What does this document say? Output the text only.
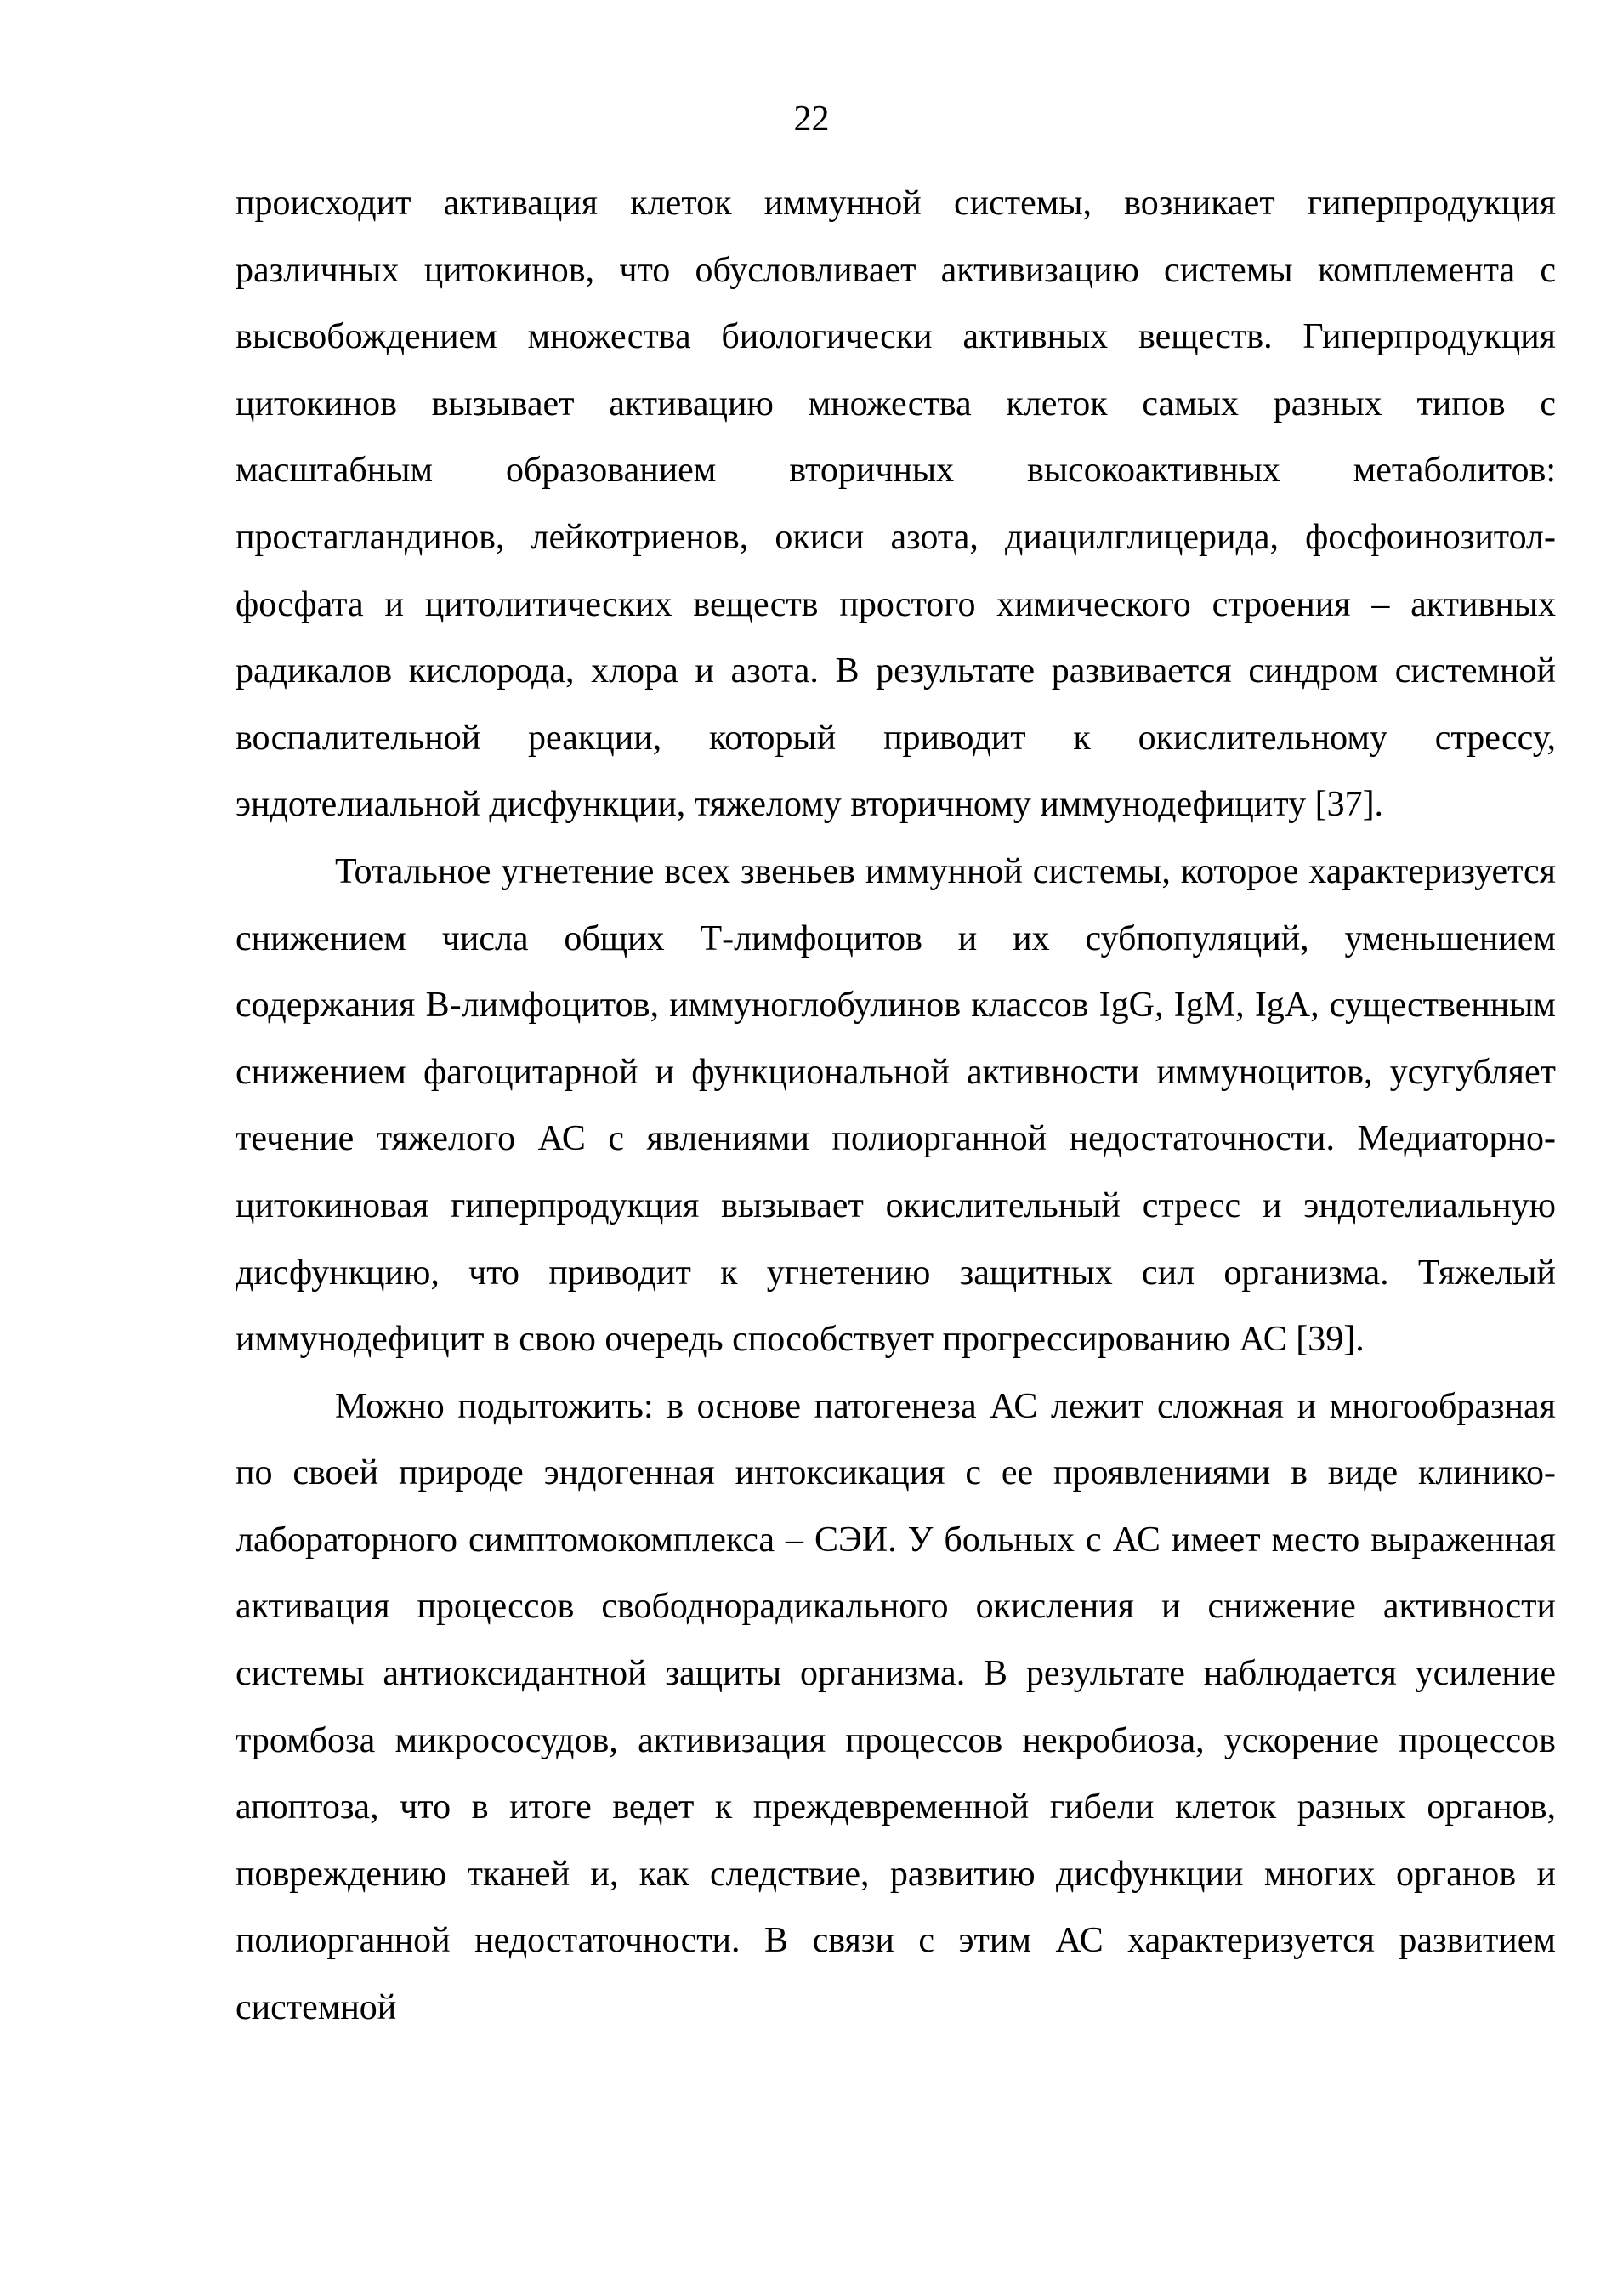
22

происходит активация клеток иммунной системы, возникает гиперпродукция различных цитокинов, что обусловливает активизацию системы комплемента с высвобождением множества биологически активных веществ. Гиперпродукция цитокинов вызывает активацию множества клеток самых разных типов с масштабным образованием вторичных высокоактивных метаболитов: простагландинов, лейкотриенов, окиси азота, диацилглицерида, фосфоинозитол-фосфата и цитолитических веществ простого химического строения – активных радикалов кислорода, хлора и азота. В результате развивается синдром системной воспалительной реакции, который приводит к окислительному стрессу, эндотелиальной дисфункции, тяжелому вторичному иммунодефициту [37].

Тотальное угнетение всех звеньев иммунной системы, которое характеризуется снижением числа общих Т-лимфоцитов и их субпопуляций, уменьшением содержания В-лимфоцитов, иммуноглобулинов классов IgG, IgM, IgA, существенным снижением фагоцитарной и функциональной активности иммуноцитов, усугубляет течение тяжелого АС с явлениями полиорганной недостаточности. Медиаторно-цитокиновая гиперпродукция вызывает окислительный стресс и эндотелиальную дисфункцию, что приводит к угнетению защитных сил организма. Тяжелый иммунодефицит в свою очередь способствует прогрессированию АС [39].

Можно подытожить: в основе патогенеза АС лежит сложная и многообразная по своей природе эндогенная интоксикация с ее проявлениями в виде клинико-лабораторного симптомокомплекса – СЭИ. У больных с АС имеет место выраженная активация процессов свободнорадикального окисления и снижение активности системы антиоксидантной защиты организма. В результате наблюдается усиление тромбоза микрососудов, активизация процессов некробиоза, ускорение процессов апоптоза, что в итоге ведет к преждевременной гибели клеток разных органов, повреждению тканей и, как следствие, развитию дисфункции многих органов и полиорганной недостаточности. В связи с этим АС характеризуется развитием системной
